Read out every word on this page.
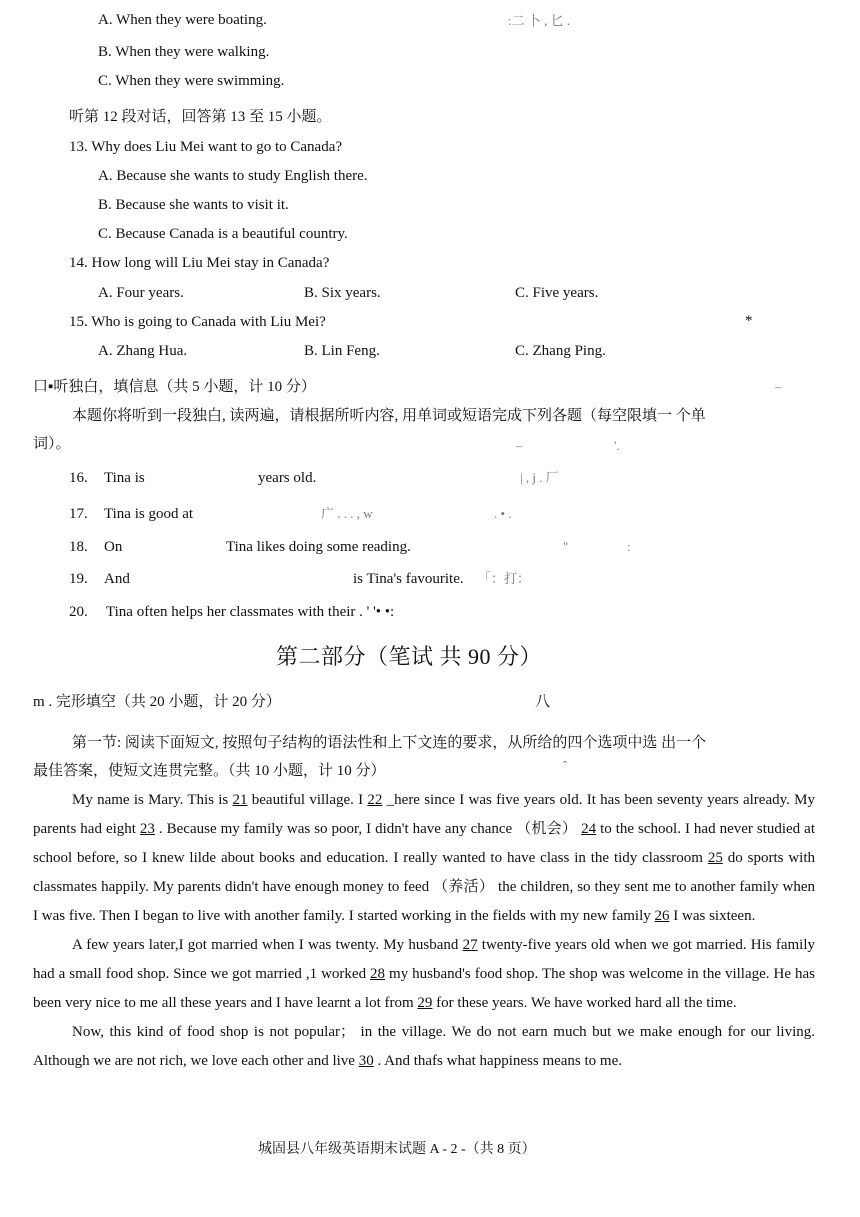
A. When they were boating.	:二 卜 , 匕 .
B. When they were walking.
C. When they were swimming.
听第 12 段对话，回答第 13 至 15 小题。
13. Why does Liu Mei want to go to Canada?
A. Because she wants to study English there.
B. Because she wants to visit it.
C. Because Canada is a beautiful country.
14. How long will Liu Mei stay in Canada?
A. Four years.	B. Six years.	C. Five years.
15. Who is going to Canada with Liu Mei?	*
A. Zhang Hua.	B. Lin Feng.	C. Zhang Ping.
口▪听独白，填信息（共 5 小题，计 10 分）	–
本题你将听到一段独白, 读两遍，请根据所听内容, 用单词或短语完成下列各题（每空限填一 个单
词）。	–	'.
16. Tina is	years old.	| , j . 厂
17. Tina is good at	广 . . . , w	. • .
18. On	Tina likes doing some reading.	"	:
19. And	is Tina's favourite. 「：打：
20. Tina often helps her classmates with their . ' '• •:
第二部分（笔试 共 90 分）
m . 完形填空（共 20 小题，计 20 分）	八
第一节: 阅读下面短文, 按照句子结构的语法性和上下文连的要求，从所给的四个选项中选 出一个
最佳答案，使短文连贯完整。（共 10 小题，计 10 分）	ˆ

My name is Mary. This is 21 beautiful village. I 22 _here since I was five years old. It has been seventy years already. My parents had eight 23 . Because my family was so poor, I didn't have any chance （机会） 24 to the school. I had never studied at school before, so I knew lilde about books and education. I really wanted to have class in the tidy classroom 25 do sports with classmates happily. My parents didn't have enough money to feed （养活） the children, so they sent me to another family when I was five. Then I began to live with another family. I started working in the fields with my new family 26 I was sixteen.

A few years later,I got married when I was twenty. My husband 27 twenty-five years old when we got married. His family had a small food shop. Since we got married ,1 worked 28 my husband's food shop. The shop was welcome in the village. He has been very nice to me all these years and I have learnt a lot from 29 for these years. We have worked hard all the time.

Now, this kind of food shop is not popular； in the village. We do not earn much but we make enough for our living. Although we are not rich, we love each other and live 30 . And thafs what happiness means to me.

城固县八年级英语期末试题 A - 2 -（共 8 页）
